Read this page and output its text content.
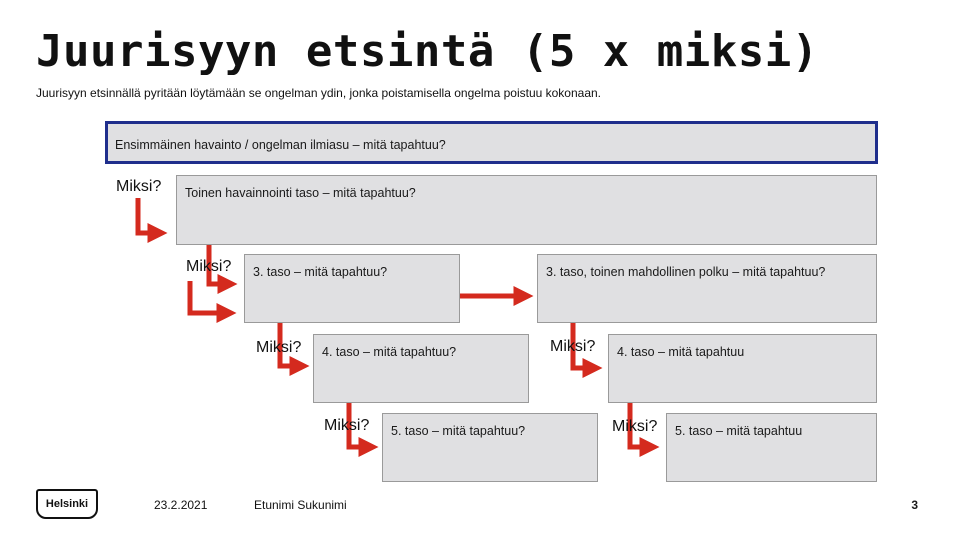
Juurisyyn etsintä (5 x miksi)
Juurisyyn etsinnällä pyritään löytämään se ongelman ydin, jonka poistamisella ongelma poistuu kokonaan.
Ensimmäinen havainto / ongelman ilmiasu – mitä tapahtuu?
Miksi? Toinen havainnointi taso – mitä tapahtuu?
Miksi? 3. taso – mitä tapahtuu?	3. taso, toinen mahdollinen polku – mitä tapahtuu?
Miksi? 4. taso – mitä tapahtuu?	Miksi? 4. taso – mitä tapahtuu
Miksi? 5. taso – mitä tapahtuu?	Miksi? 5. taso – mitä tapahtuu
Helsinki	23.2.2021	Etunimi Sukunimi	3
